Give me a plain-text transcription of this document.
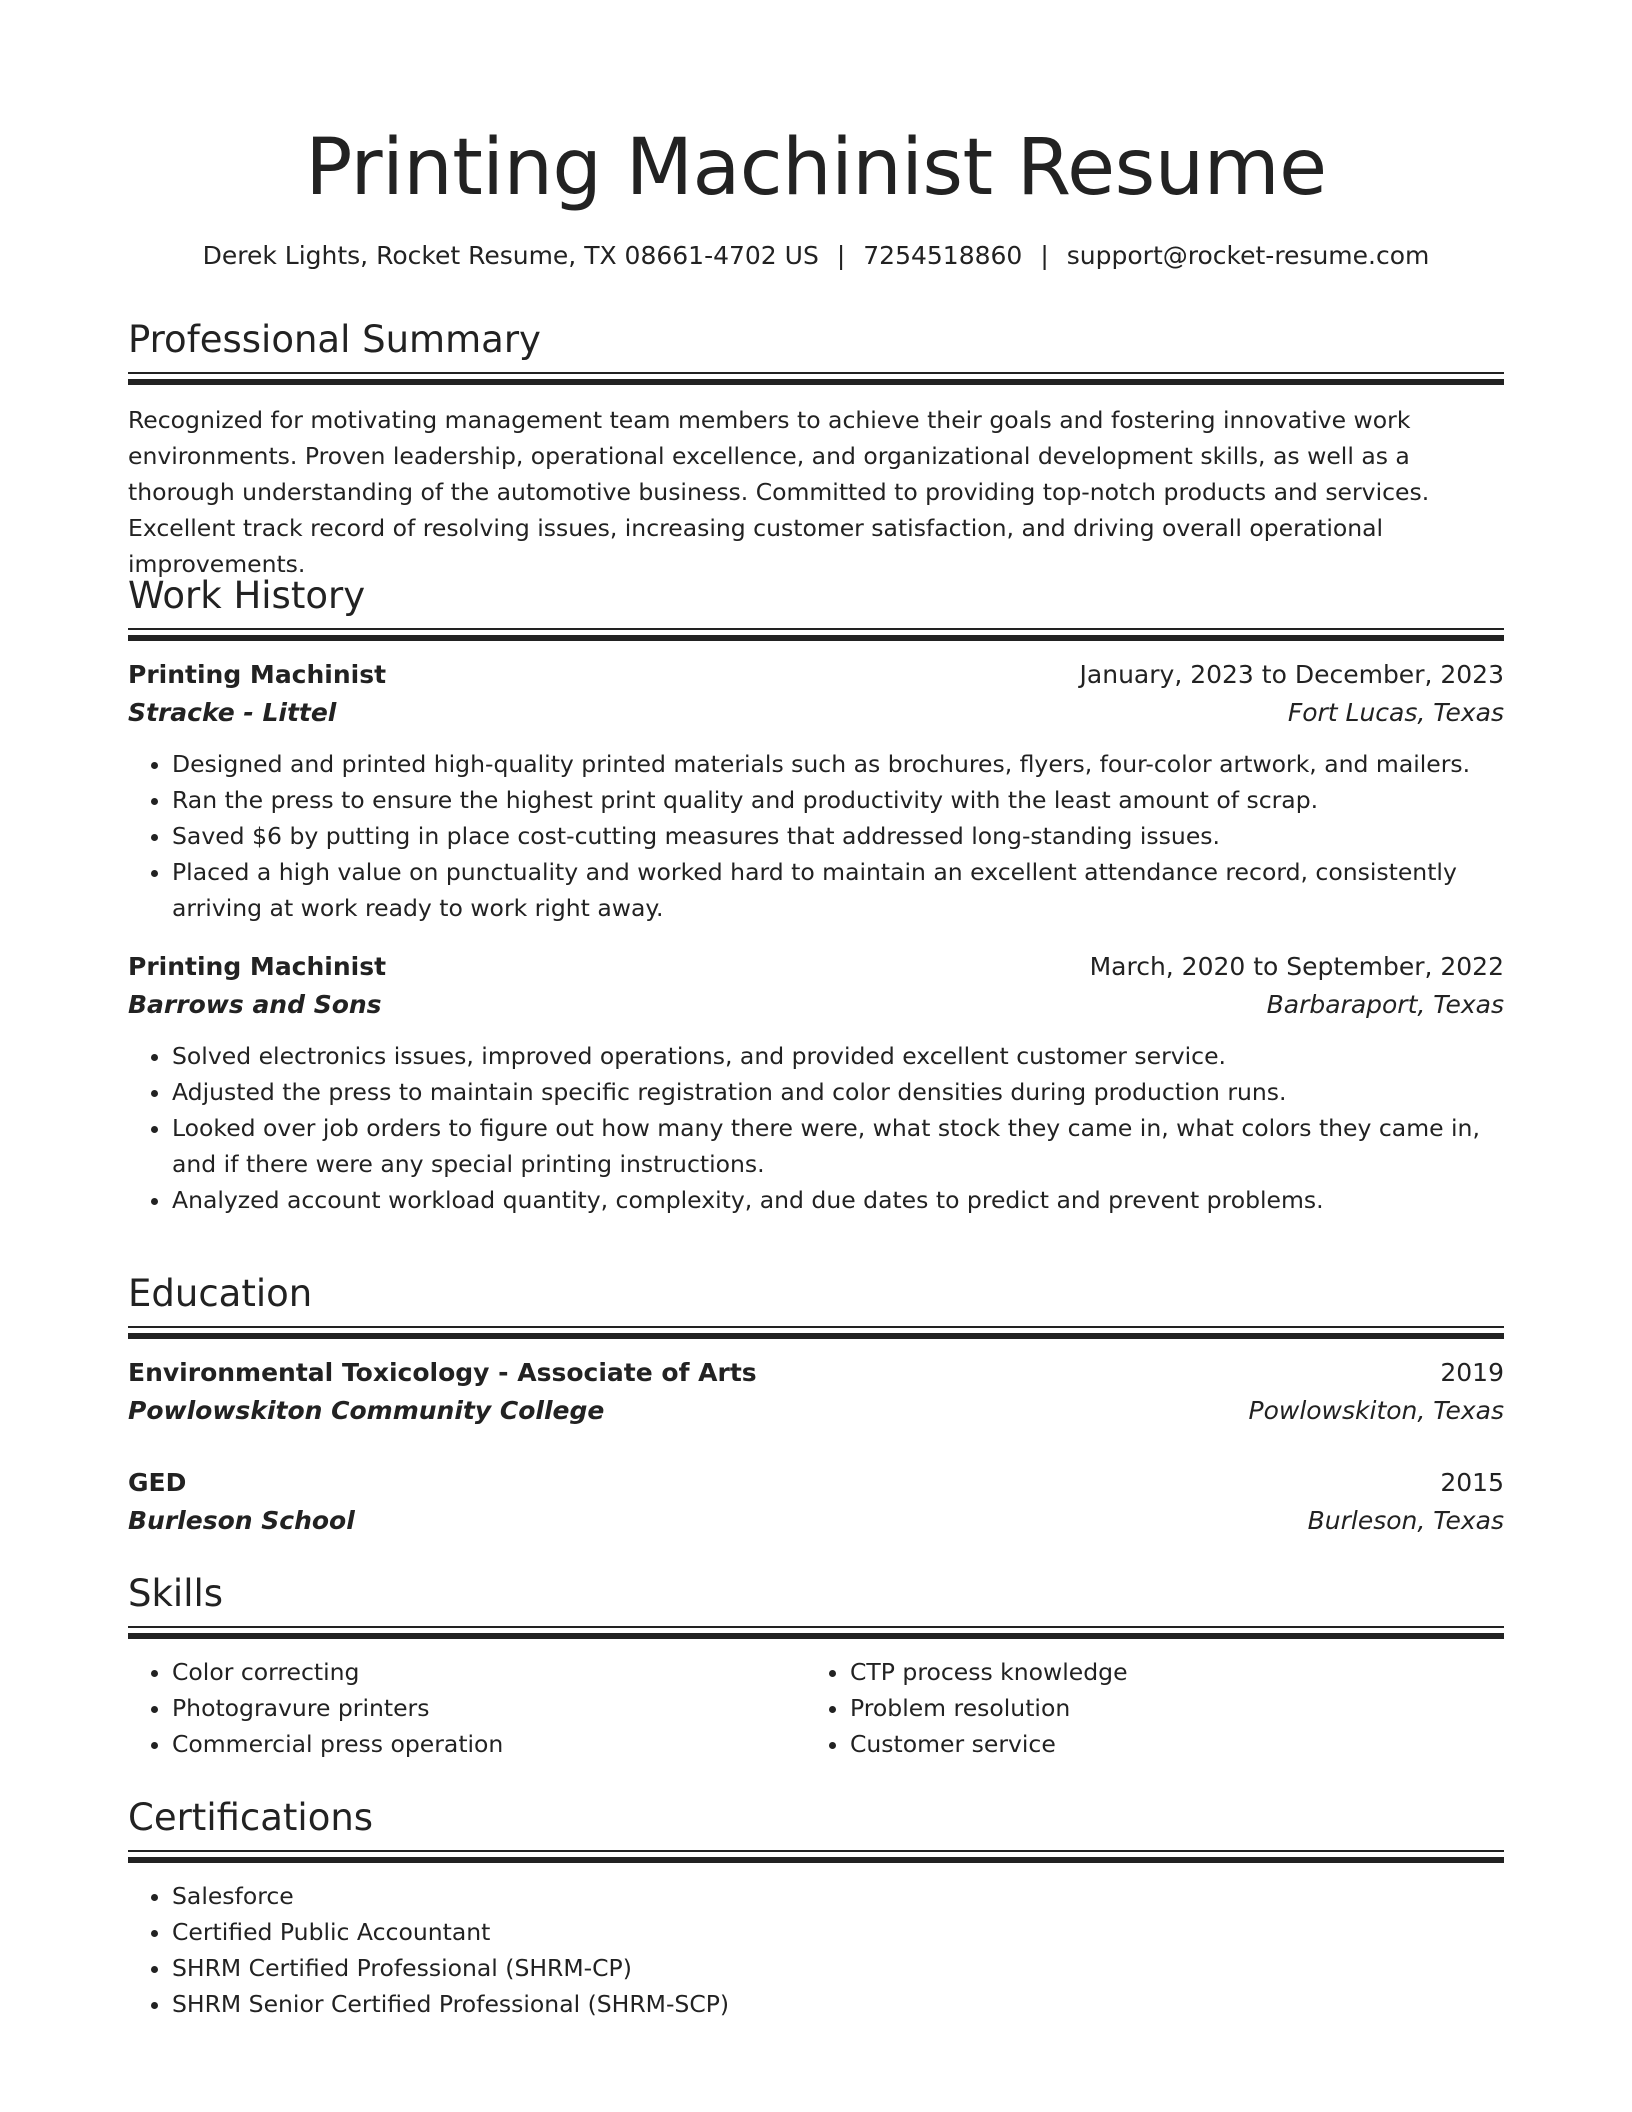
Printing Machinist Resume
Derek Lights, Rocket Resume, TX 08661-4702 US | 7254518860 | support@rocket-resume.com
Professional Summary

Recognized for motivating management team members to achieve their goals and fostering innovative work environments. Proven leadership, operational excellence, and organizational development skills, as well as a thorough understanding of the automotive business. Committed to providing top-notch products and services. Excellent track record of resolving issues, increasing customer satisfaction, and driving overall operational improvements.

Work History
Printing Machinist	January, 2023 to December, 2023
Stracke - Littel	Fort Lucas, Texas
• Designed and printed high-quality printed materials such as brochures, flyers, four-color artwork, and mailers.
• Ran the press to ensure the highest print quality and productivity with the least amount of scrap.
• Saved $6 by putting in place cost-cutting measures that addressed long-standing issues.
• Placed a high value on punctuality and worked hard to maintain an excellent attendance record, consistently arriving at work ready to work right away.
Printing Machinist	March, 2020 to September, 2022
Barrows and Sons	Barbaraport, Texas
• Solved electronics issues, improved operations, and provided excellent customer service.
• Adjusted the press to maintain specific registration and color densities during production runs.
• Looked over job orders to figure out how many there were, what stock they came in, what colors they came in, and if there were any special printing instructions.
• Analyzed account workload quantity, complexity, and due dates to predict and prevent problems.
Education
Environmental Toxicology - Associate of Arts	2019
Powlowskiton Community College	Powlowskiton, Texas
GED	2015
Burleson School	Burleson, Texas
Skills
• Color correcting
• Photogravure printers
• Commercial press operation
• CTP process knowledge
• Problem resolution
• Customer service
Certifications
• Salesforce
• Certified Public Accountant
• SHRM Certified Professional (SHRM-CP)
• SHRM Senior Certified Professional (SHRM-SCP)
